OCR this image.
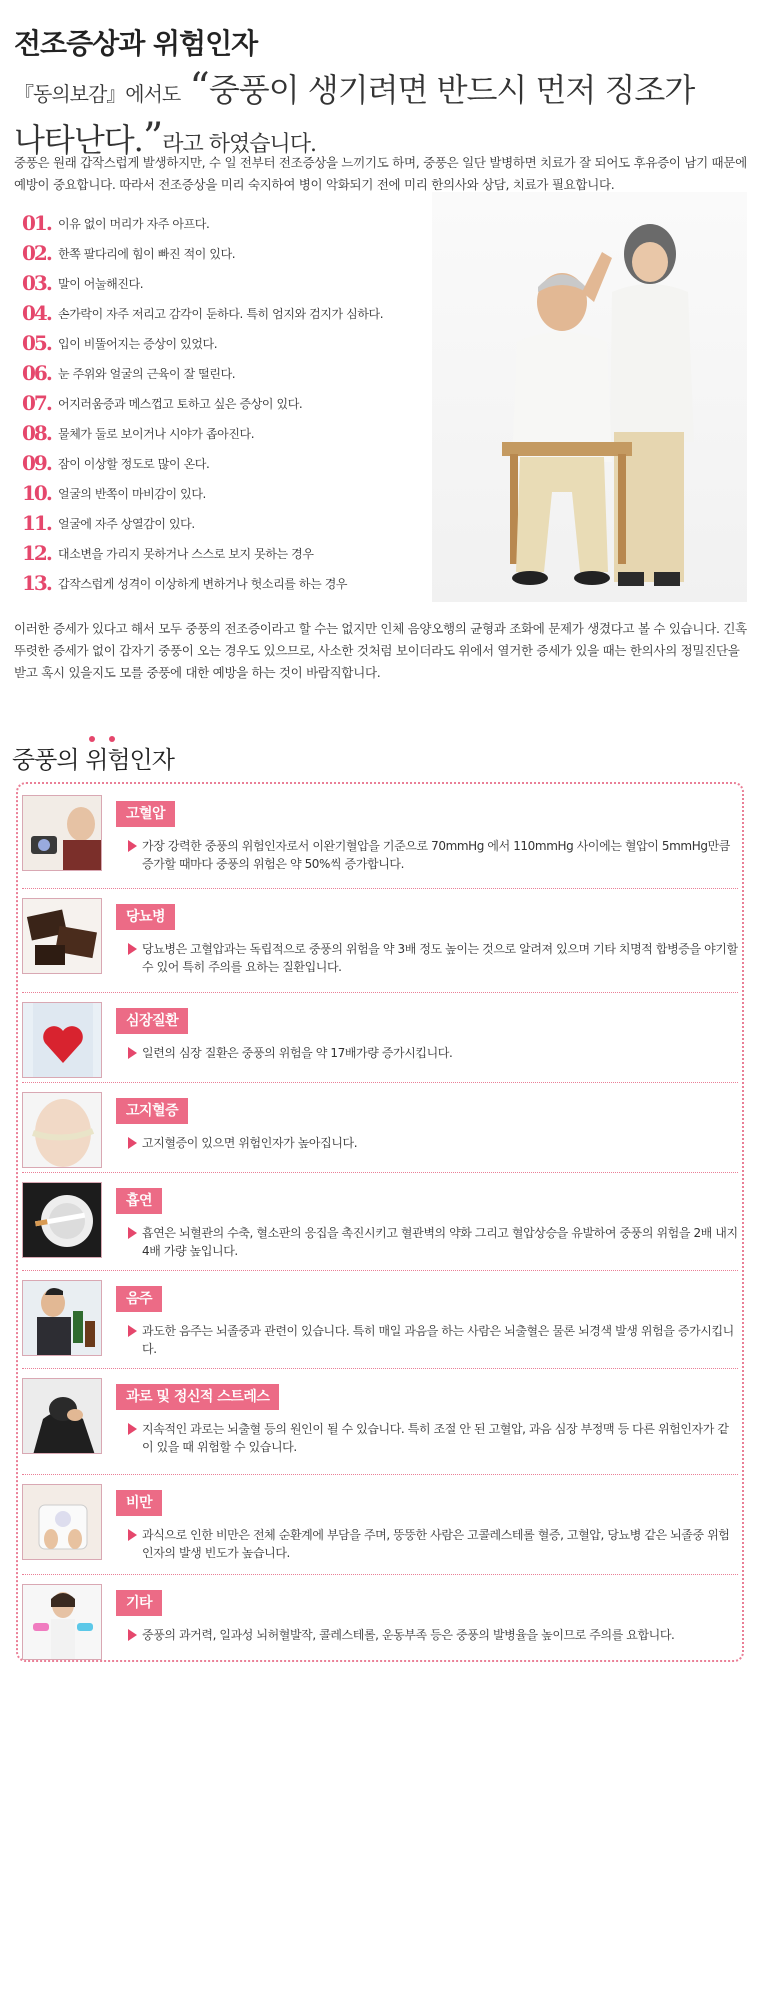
전조증상과 위험인자
『동의보감』에서도 “중풍이 생기려면 반드시 먼저 징조가
나타난다.”라고 하였습니다.

중풍은 원래 갑작스럽게 발생하지만, 수 일 전부터 전조증상을 느끼기도 하며, 중풍은 일단 발병하면 치료가 잘 되어도 후유증이 남기 때문에 예방이 중요합니다. 따라서 전조증상을 미리 숙지하여 병이 악화되기 전에 미리 한의사와 상담, 치료가 필요합니다.

01. 이유 없이 머리가 자주 아프다.
02. 한쪽 팔다리에 힘이 빠진 적이 있다.
03. 말이 어눌해진다.
04. 손가락이 자주 저리고 감각이 둔하다. 특히 엄지와 검지가 심하다.
05. 입이 비뚤어지는 증상이 있었다.
06. 눈 주위와 얼굴의 근육이 잘 떨린다.
07. 어지러움증과 메스껍고 토하고 싶은 증상이 있다.
08. 물체가 둘로 보이거나 시야가 좁아진다.
09. 잠이 이상할 정도로 많이 온다.
10. 얼굴의 반쪽이 마비감이 있다.
11. 얼굴에 자주 상열감이 있다.
12. 대소변을 가리지 못하거나 스스로 보지 못하는 경우
13. 갑작스럽게 성격이 이상하게 변하거나 헛소리를 하는 경우

이러한 증세가 있다고 해서 모두 중풍의 전조증이라고 할 수는 없지만 인체 음양오행의 균형과 조화에 문제가 생겼다고 볼 수 있습니다. 긴혹 뚜렷한 증세가 없이 갑자기 중풍이 오는 경우도 있으므로, 사소한 것처럼 보이더라도 위에서 열거한 증세가 있을 때는 한의사의 정밀진단을 받고 혹시 있을지도 모를 중풍에 대한 예방을 하는 것이 바람직합니다.

중풍의
위험인자
고혈압
가장 강력한 중풍의 위험인자로서 이완기혈압을 기준으로 70mmHg 에서 110mmHg 사이에는 혈압이 5mmHg만큼 증가할 때마다 중풍의 위험은 약 50%씩 증가합니다.
당뇨병
당뇨병은 고혈압과는 독립적으로 중풍의 위험을 약 3배 정도 높이는 것으로 알려져 있으며 기타 치명적 합병증을 야기할 수 있어 특히 주의를 요하는 질환입니다.
심장질환
일련의 심장 질환은 중풍의 위험을 약 17배가량 증가시킵니다.
고지혈증
고지혈증이 있으면 위험인자가 높아집니다.
흡연
흡연은 뇌혈관의 수축, 혈소판의 응집을 촉진시키고 혈관벽의 약화 그리고 혈압상승을 유발하여 중풍의 위험을 2배 내지 4배 가량 높입니다.
음주
과도한 음주는 뇌졸중과 관련이 있습니다. 특히 매일 과음을 하는 사람은 뇌출혈은 물론 뇌경색 발생 위험을 증가시킵니다.
과로 및 정신적 스트레스
지속적인 과로는 뇌출혈 등의 원인이 될 수 있습니다. 특히 조절 안 된 고혈압, 과음 심장 부정맥 등 다른 위험인자가 같이 있을 때 위험할 수 있습니다.
비만
과식으로 인한 비만은 전체 순환계에 부담을 주며, 뚱뚱한 사람은 고콜레스테롤 혈증, 고혈압, 당뇨병 같은 뇌졸중 위험인자의 발생 빈도가 높습니다.
기타
중풍의 과거력, 일과성 뇌허혈발작, 콜레스테롤, 운동부족 등은 중풍의 발병율을 높이므로 주의를 요합니다.
